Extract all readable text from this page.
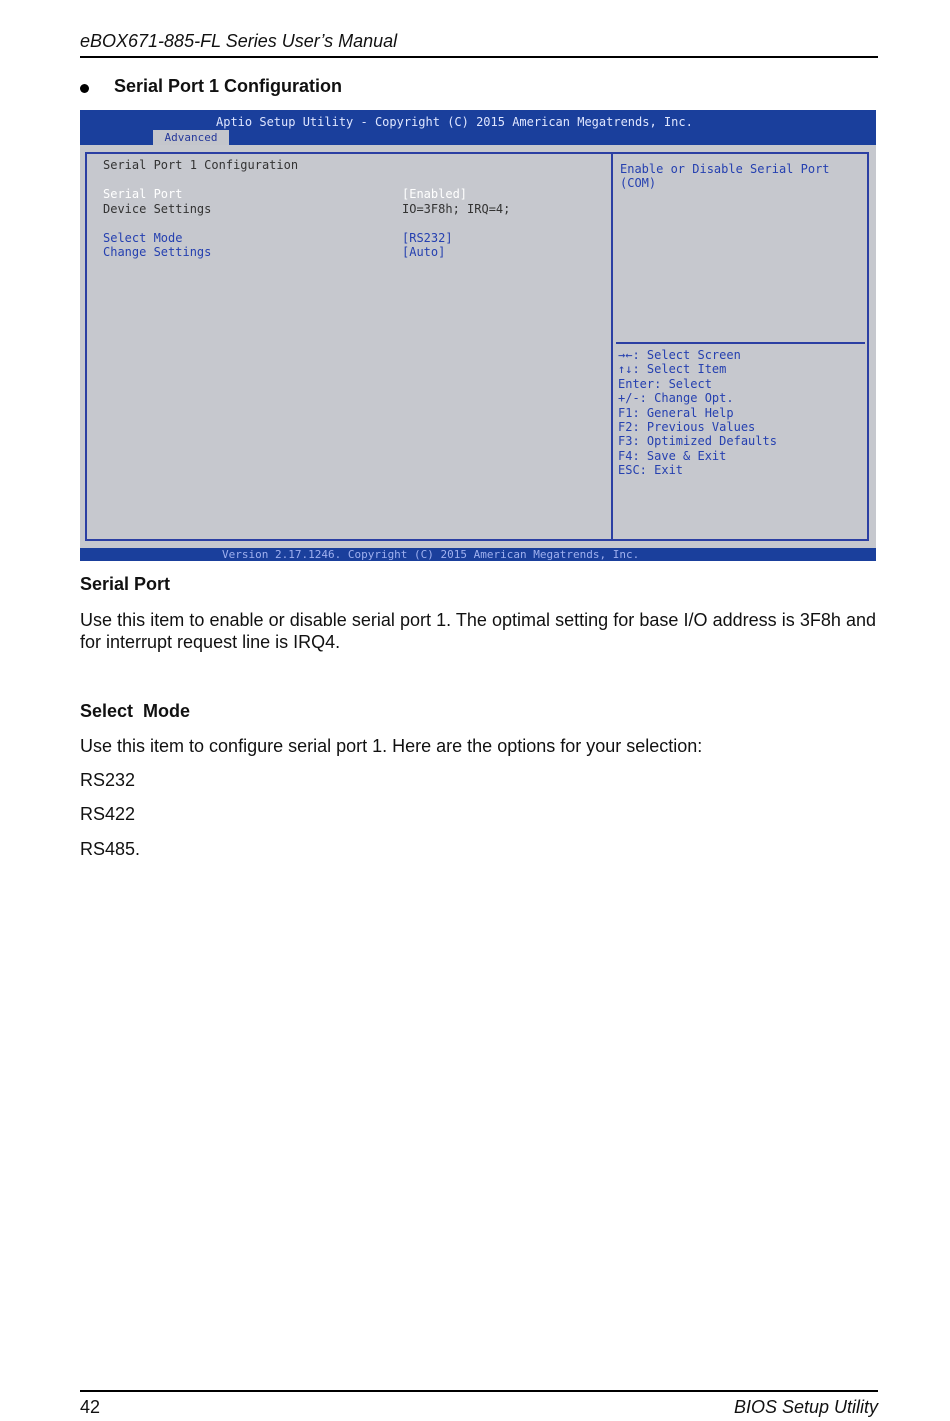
eBOX671-885-FL Series User’s Manual
Serial Port 1 Configuration
Aptio Setup Utility - Copyright (C) 2015 American Megatrends, Inc.
Advanced
Serial Port 1 Configuration
Serial Port	[Enabled]
Device Settings	IO=3F8h; IRQ=4;
Select Mode	[RS232]
Change Settings	[Auto]
Enable or Disable Serial Port (COM)
→←: Select Screen
↑↓: Select Item
Enter: Select
+/-: Change Opt.
F1: General Help
F2: Previous Values
F3: Optimized Defaults
F4: Save & Exit
ESC: Exit
Version 2.17.1246. Copyright (C) 2015 American Megatrends, Inc.
Serial Port
Use this item to enable or disable serial port 1. The optimal setting for base I/O address is 3F8h and for interrupt request line is IRQ4.
Select  Mode
Use this item to configure serial port 1. Here are the options for your selection:
RS232
RS422
RS485.
42	BIOS Setup Utility
